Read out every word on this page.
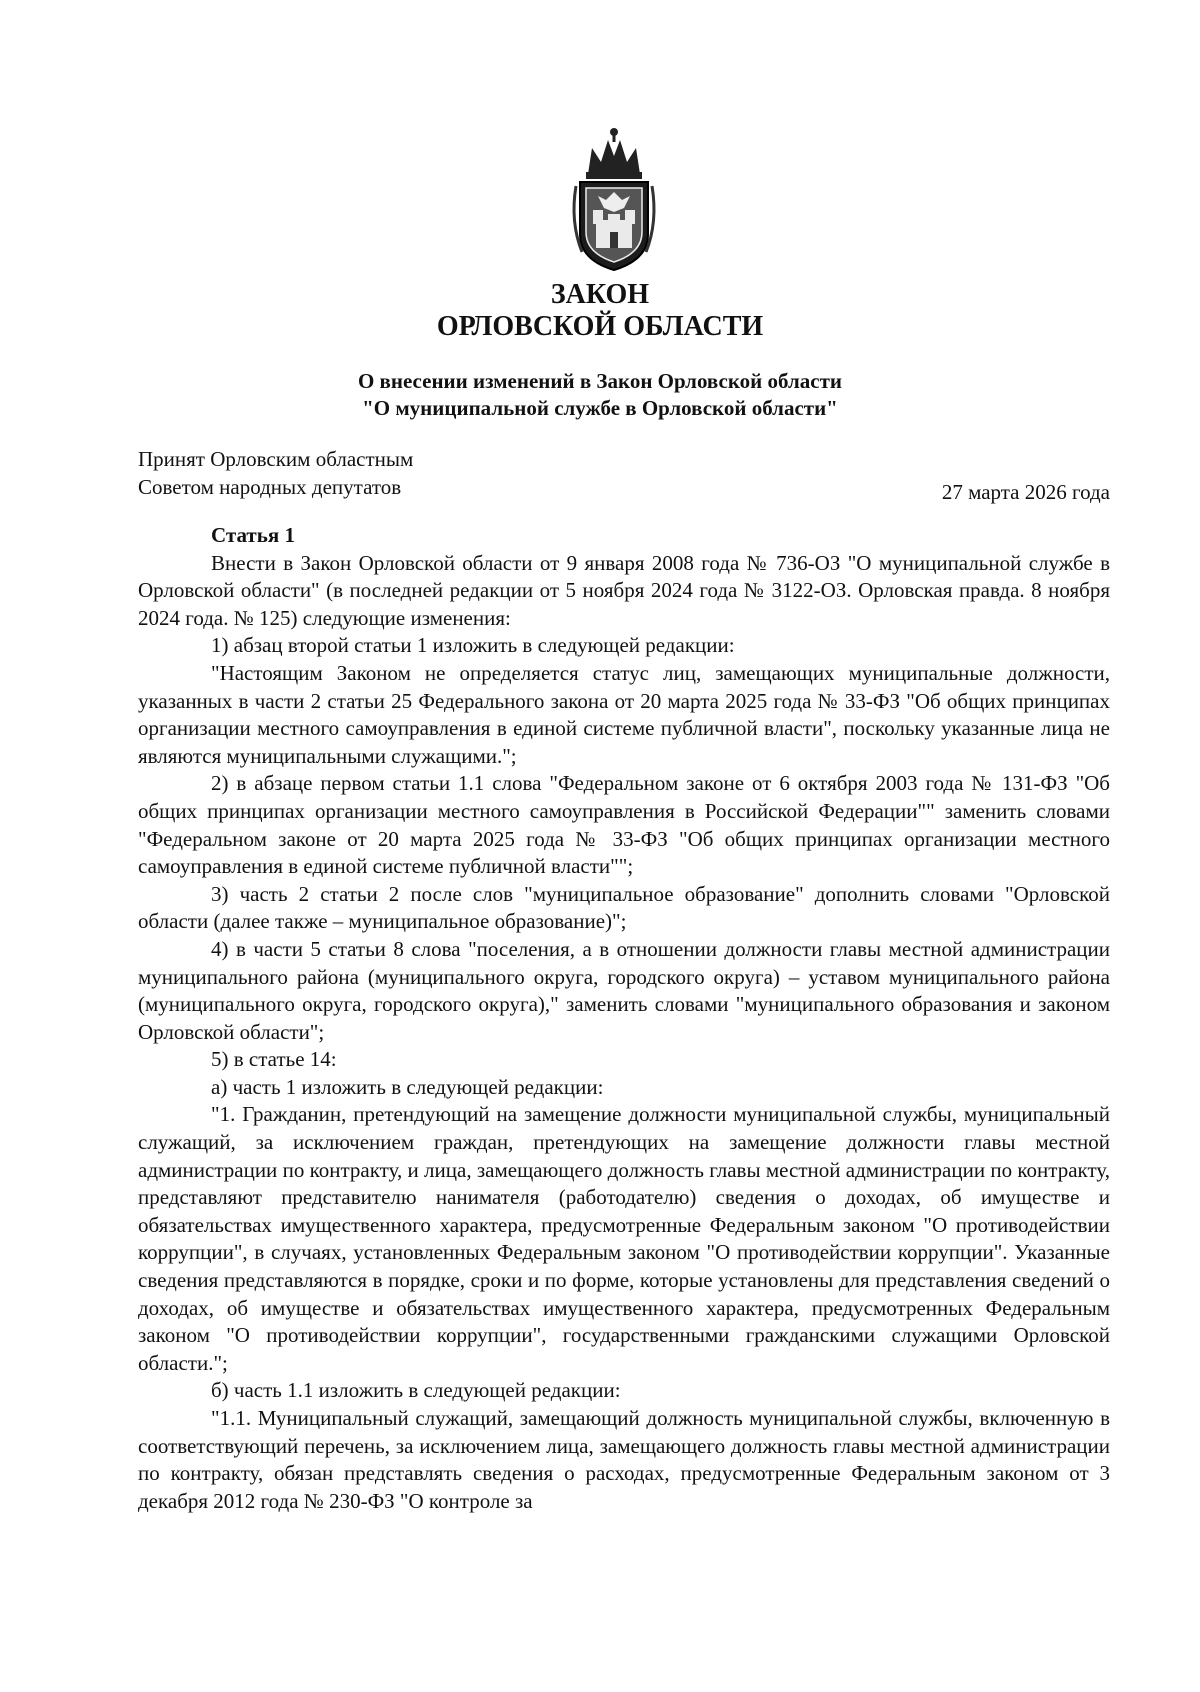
ЗАКОН
ОРЛОВСКОЙ ОБЛАСТИ
О внесении изменений в Закон Орловской области
"О муниципальной службе в Орловской области"
Принят Орловским областным
Советом народных депутатов	27 марта 2026 года

Статья 1

Внести в Закон Орловской области от 9 января 2008 года № 736-ОЗ "О муниципальной службе в Орловской области" (в последней редакции от 5 ноября 2024 года № 3122-ОЗ. Орловская правда. 8 ноября 2024 года. № 125) следующие изменения:

1) абзац второй статьи 1 изложить в следующей редакции:

"Настоящим Законом не определяется статус лиц, замещающих муниципальные должности, указанных в части 2 статьи 25 Федерального закона от 20 марта 2025 года № 33-ФЗ "Об общих принципах организации местного самоуправления в единой системе публичной власти", поскольку указанные лица не являются муниципальными служащими.";

2) в абзаце первом статьи 1.1 слова "Федеральном законе от 6 октября 2003 года № 131-ФЗ "Об общих принципах организации местного самоуправления в Российской Федерации"" заменить словами "Федеральном законе от 20 марта 2025 года № 33-ФЗ "Об общих принципах организации местного самоуправления в единой системе публичной власти"";

3) часть 2 статьи 2 после слов "муниципальное образование" дополнить словами "Орловской области (далее также – муниципальное образование)";

4) в части 5 статьи 8 слова "поселения, а в отношении должности главы местной администрации муниципального района (муниципального округа, городского округа) – уставом муниципального района (муниципального округа, городского округа)," заменить словами "муниципального образования и законом Орловской области";

5) в статье 14:

а) часть 1 изложить в следующей редакции:

"1. Гражданин, претендующий на замещение должности муниципальной службы, муниципальный служащий, за исключением граждан, претендующих на замещение должности главы местной администрации по контракту, и лица, замещающего должность главы местной администрации по контракту, представляют представителю нанимателя (работодателю) сведения о доходах, об имуществе и обязательствах имущественного характера, предусмотренные Федеральным законом "О противодействии коррупции", в случаях, установленных Федеральным законом "О противодействии коррупции". Указанные сведения представляются в порядке, сроки и по форме, которые установлены для представления сведений о доходах, об имуществе и обязательствах имущественного характера, предусмотренных Федеральным законом "О противодействии коррупции", государственными гражданскими служащими Орловской области.";

б) часть 1.1 изложить в следующей редакции:

"1.1. Муниципальный служащий, замещающий должность муниципальной службы, включенную в соответствующий перечень, за исключением лица, замещающего должность главы местной администрации по контракту, обязан представлять сведения о расходах, предусмотренные Федеральным законом от 3 декабря 2012 года № 230-ФЗ "О контроле за
